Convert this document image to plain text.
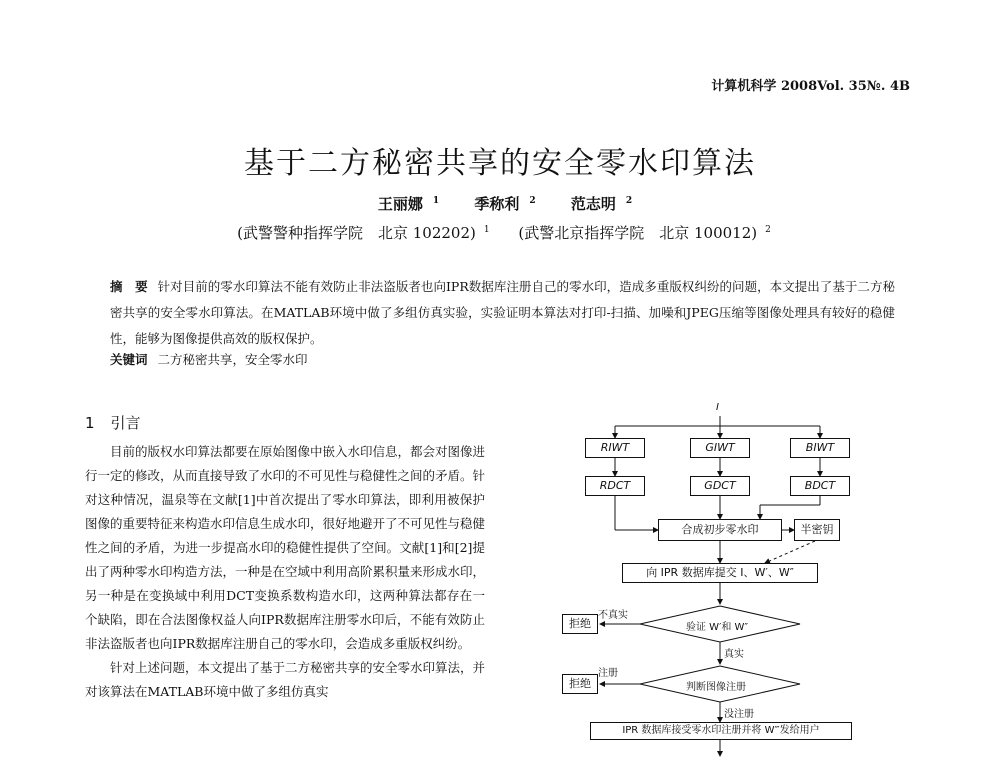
计算机科学 2008Vol. 35№. 4B
基于二方秘密共享的安全零水印算法
王丽娜 $^1$ 季称利 $^2$ 范志明 $^2$
(武警警种指挥学院　北京 102202) $^1$ (武警北京指挥学院　北京 100012) $^2$
摘　要 针对目前的零水印算法不能有效防止非法盗版者也向IPR数据库注册自己的零水印，造成多重版权纠纷的问题，本文提出了基于二方秘密共享的安全零水印算法。在MATLAB环境中做了多组仿真实验，实验证明本算法对打印-扫描、加噪和JPEG压缩等图像处理具有较好的稳健性，能够为图像提供高效的版权保护。
关键词 二方秘密共享，安全零水印
1 引言

目前的版权水印算法都要在原始图像中嵌入水印信息，都会对图像进行一定的修改，从而直接导致了水印的不可见性与稳健性之间的矛盾。针对这种情况，温泉等在文献[1]中首次提出了零水印算法，即利用被保护图像的重要特征来构造水印信息生成水印，很好地避开了不可见性与稳健性之间的矛盾，为进一步提高水印的稳健性提供了空间。文献[1]和[2]提出了两种零水印构造方法，一种是在空域中利用高阶累积量来形成水印，另一种是在变换域中利用DCT变换系数构造水印，这两种算法都存在一个缺陷，即在合法图像权益人向IPR数据库注册零水印后，不能有效防止非法盗版者也向IPR数据库注册自己的零水印，会造成多重版权纠纷。

针对上述问题，本文提出了基于二方秘密共享的安全零水印算法，并对该算法在MATLAB环境中做了多组仿真实

I
RIWT	GIWT	BIWT
RDCT	GDCT	BDCT
合成初步零水印	半密钥
向 IPR 数据库提交 I、W′、W″
验证 W′和 W″
拒绝
不真实
真实
判断图像注册
拒绝
注册
没注册
IPR 数据库接受零水印注册并将 W‴发给用户
